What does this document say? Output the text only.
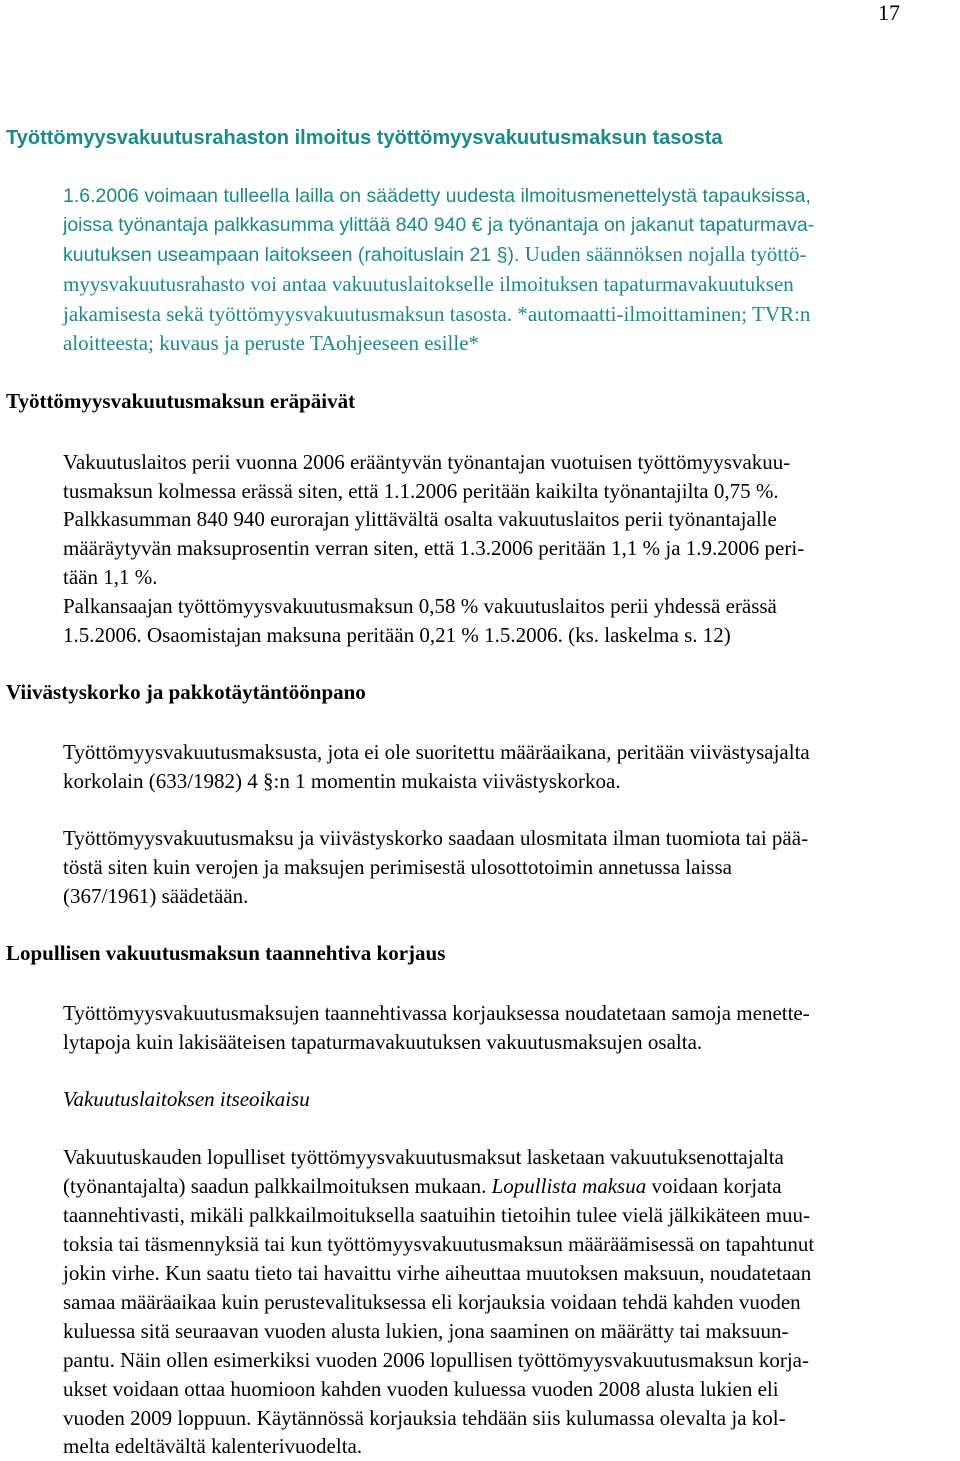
17
Työttömyysvakuutusrahaston ilmoitus työttömyysvakuutusmaksun tasosta
1.6.2006 voimaan tulleella lailla on säädetty uudesta ilmoitusmenettelystä tapauksissa,
joissa työnantaja palkkasumma ylittää 840 940 € ja työnantaja on jakanut tapaturmava-
kuutuksen useampaan laitokseen (rahoituslain 21 §). Uuden säännöksen nojalla työttö-
myysvakuutusrahasto voi antaa vakuutuslaitokselle ilmoituksen tapaturmavakuutuksen
jakamisesta sekä työttömyysvakuutusmaksun tasosta. *automaatti-ilmoittaminen; TVR:n
aloitteesta; kuvaus ja peruste TAohjeeseen esille*
Työttömyysvakuutusmaksun eräpäivät
Vakuutuslaitos perii vuonna 2006 erääntyvän työnantajan vuotuisen työttömyysvakuu-
tusmaksun kolmessa erässä siten, että 1.1.2006 peritään kaikilta työnantajilta 0,75 %.
Palkkasumman 840 940 eurorajan ylittävältä osalta vakuutuslaitos perii työnantajalle
määräytyvän maksuprosentin verran siten, että 1.3.2006 peritään 1,1 % ja 1.9.2006 peri-
tään 1,1 %.
Palkansaajan työttömyysvakuutusmaksun 0,58 % vakuutuslaitos perii yhdessä erässä
1.5.2006. Osaomistajan maksuna peritään 0,21 % 1.5.2006. (ks. laskelma s. 12)
Viivästyskorko ja pakkotäytäntöönpano
Työttömyysvakuutusmaksusta, jota ei ole suoritettu määräaikana, peritään viivästysajalta
korkolain (633/1982) 4 §:n 1 momentin mukaista viivästyskorkoa.
Työttömyysvakuutusmaksu ja viivästyskorko saadaan ulosmitata ilman tuomiota tai pää-
töstä siten kuin verojen ja maksujen perimisestä ulosottotoimin annetussa laissa
(367/1961) säädetään.
Lopullisen vakuutusmaksun taannehtiva korjaus
Työttömyysvakuutusmaksujen taannehtivassa korjauksessa noudatetaan samoja menette-
lytapoja kuin lakisääteisen tapaturmavakuutuksen vakuutusmaksujen osalta.
Vakuutuslaitoksen itseoikaisu
Vakuutuskauden lopulliset työttömyysvakuutusmaksut lasketaan vakuutuksenottajalta
(työnantajalta) saadun palkkailmoituksen mukaan. Lopullista maksua voidaan korjata
taannehtivasti, mikäli palkkailmoituksella saatuihin tietoihin tulee vielä jälkikäteen muu-
toksia tai täsmennyksiä tai kun työttömyysvakuutusmaksun määräämisessä on tapahtunut
jokin virhe. Kun saatu tieto tai havaittu virhe aiheuttaa muutoksen maksuun, noudatetaan
samaa määräaikaa kuin perustevalituksessa eli korjauksia voidaan tehdä kahden vuoden
kuluessa sitä seuraavan vuoden alusta lukien, jona saaminen on määrätty tai maksuun-
pantu. Näin ollen esimerkiksi vuoden 2006 lopullisen työttömyysvakuutusmaksun korja-
ukset voidaan ottaa huomioon kahden vuoden kuluessa vuoden 2008 alusta lukien eli
vuoden 2009 loppuun. Käytännössä korjauksia tehdään siis kulumassa olevalta ja kol-
melta edeltävältä kalenterivuodelta.
